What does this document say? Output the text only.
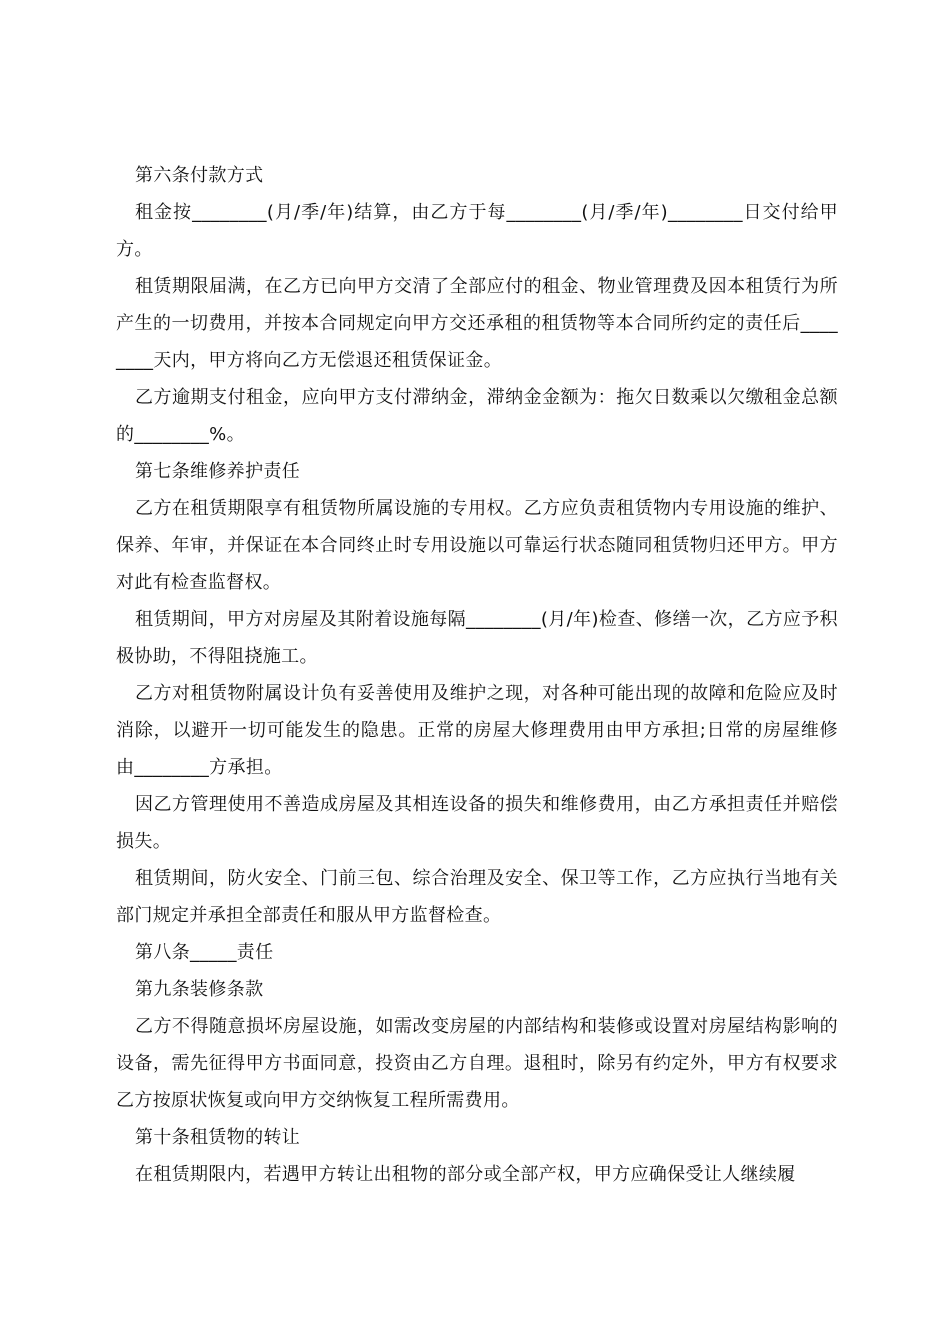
第六条付款方式

租金按________(月/季/年)结算，由乙方于每________(月/季/年)________日交付给甲方。

租赁期限届满，在乙方已向甲方交清了全部应付的租金、物业管理费及因本租赁行为所产生的一切费用，并按本合同规定向甲方交还承租的租赁物等本合同所约定的责任后________天内，甲方将向乙方无偿退还租赁保证金。

乙方逾期支付租金，应向甲方支付滞纳金，滞纳金金额为：拖欠日数乘以欠缴租金总额的________%。

第七条维修养护责任

乙方在租赁期限享有租赁物所属设施的专用权。乙方应负责租赁物内专用设施的维护、保养、年审，并保证在本合同终止时专用设施以可靠运行状态随同租赁物归还甲方。甲方对此有检查监督权。

租赁期间，甲方对房屋及其附着设施每隔________(月/年)检查、修缮一次，乙方应予积极协助，不得阻挠施工。

乙方对租赁物附属设计负有妥善使用及维护之现，对各种可能出现的故障和危险应及时消除，以避开一切可能发生的隐患。正常的房屋大修理费用由甲方承担;日常的房屋维修由________方承担。

因乙方管理使用不善造成房屋及其相连设备的损失和维修费用，由乙方承担责任并赔偿损失。

租赁期间，防火安全、门前三包、综合治理及安全、保卫等工作，乙方应执行当地有关部门规定并承担全部责任和服从甲方监督检查。

第八条_____责任

第九条装修条款

乙方不得随意损坏房屋设施，如需改变房屋的内部结构和装修或设置对房屋结构影响的设备，需先征得甲方书面同意，投资由乙方自理。退租时，除另有约定外，甲方有权要求乙方按原状恢复或向甲方交纳恢复工程所需费用。

第十条租赁物的转让

在租赁期限内，若遇甲方转让出租物的部分或全部产权，甲方应确保受让人继续履
